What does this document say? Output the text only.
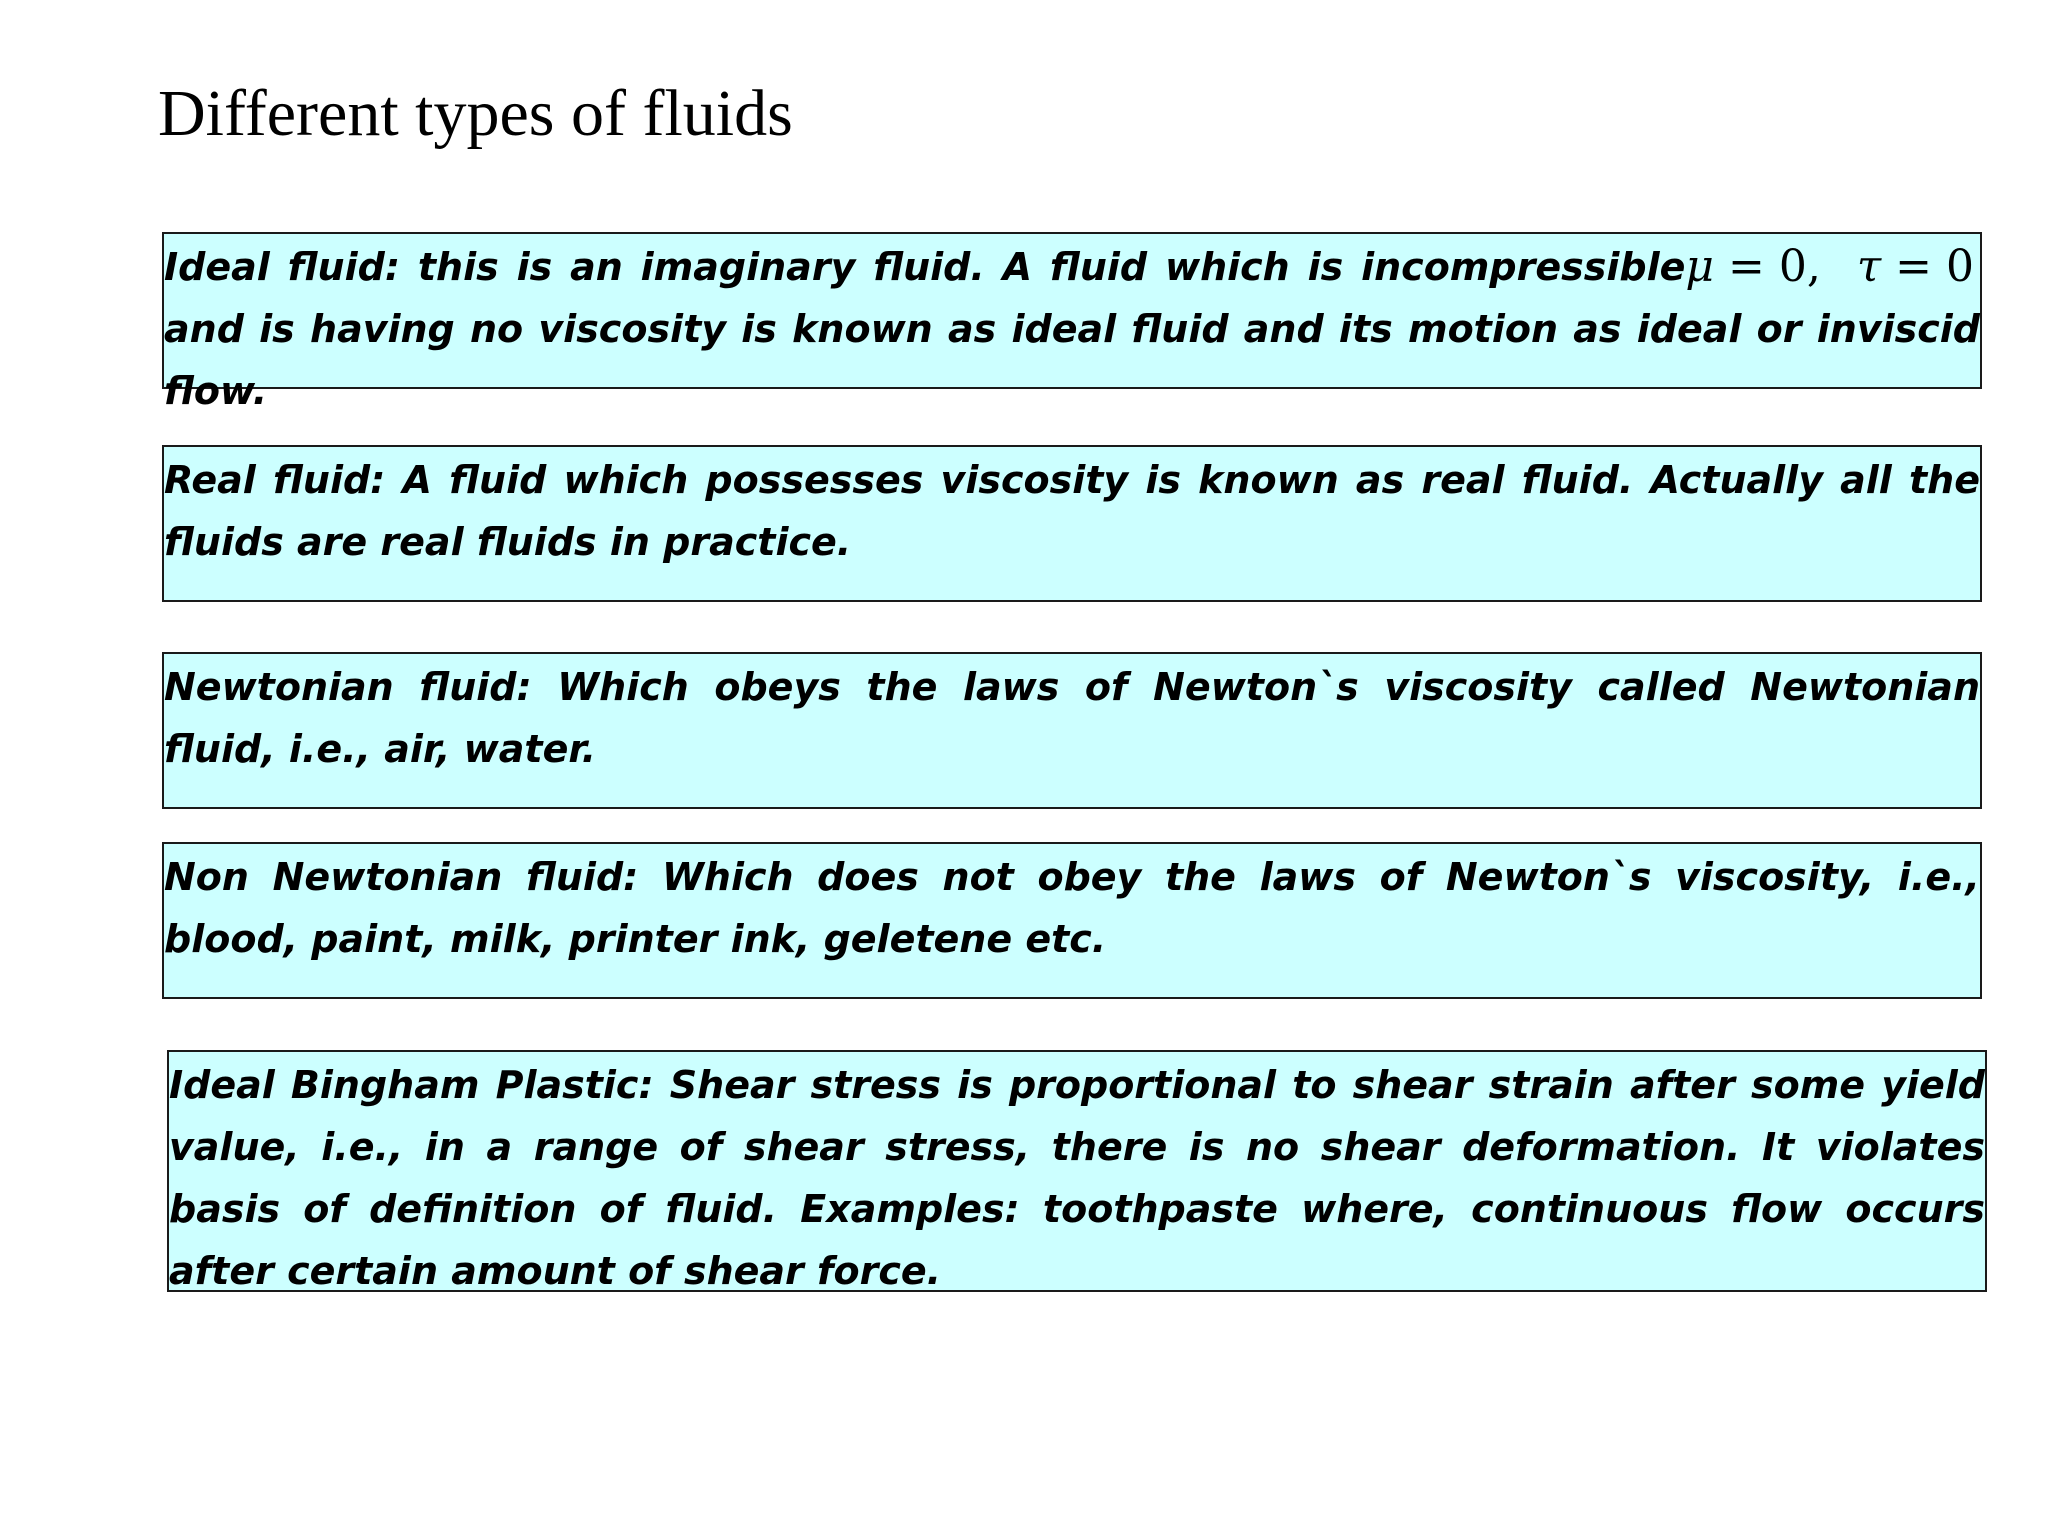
Different types of fluids

μ = 0, τ = 0
Ideal fluid: this is an imaginary fluid. A fluid which is incompressible and is having no viscosity is known as ideal fluid and its motion as ideal or inviscid flow.

Real fluid: A fluid which possesses viscosity is known as real fluid. Actually all the fluids are real fluids in practice.

Newtonian fluid: Which obeys the laws of Newton`s viscosity called Newtonian fluid, i.e., air, water.

Non Newtonian fluid: Which does not obey the laws of Newton`s viscosity, i.e., blood, paint, milk, printer ink, geletene etc.

Ideal Bingham Plastic: Shear stress is proportional to shear strain after some yield value, i.e., in a range of shear stress, there is no shear deformation. It violates basis of definition of fluid. Examples: toothpaste where, continuous flow occurs after certain amount of shear force.
